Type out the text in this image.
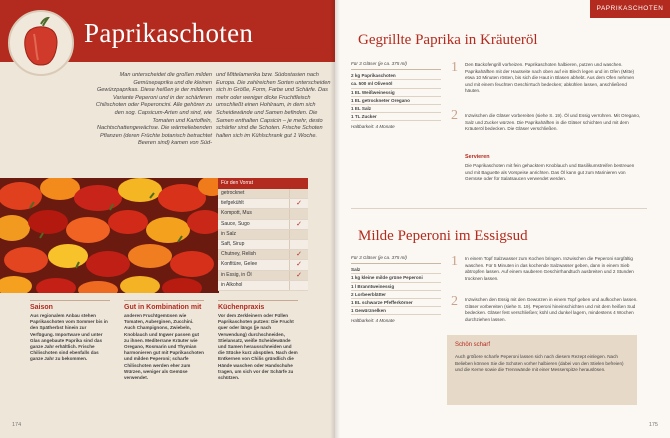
Paprikaschoten
Man unterscheidet die großen milden Gemüsepaprika und die kleinen Gewürzpaprikas. Diese heißen je der milderen Variante Peperoni und in der schärferen Chilischoten oder Peperoncini. Alle gehören zu den sog. Capsicum-Arten und sind, wie Tomaten und Kartoffeln, Nachtschattengewächse. Die wärmeliebenden Pflanzen (deren Früchte botanisch betrachtet Beeren sind) kamen von Süd-
und Mittelamerika bzw. Südostasien nach Europa. Die zahlreichen Sorten unterscheiden sich in Größe, Form, Farbe und Schärfe. Das mehr oder weniger dicke Fruchtfleisch umschließt einen Hohlraum, in dem sich Scheidewände und Samen befinden. Die Samen enthalten Capsicin – je mehr, desto schärfer sind die Schoten. Frische Schoten halten sich im Kühlschrank gut 1 Woche.
Für den Vorrat
getrocknet
tiefgekühlt	✓
Kompott, Mus
Sauce, Sugo	✓
in Salz
Saft, Sirup
Chutney, Relish	✓
Konfitüre, Gelee	✓
in Essig, in Öl	✓
in Alkohol
Saison
Aus regionalem Anbau stehen Paprikaschoten vom Sommer bis in den Spätherbst hinein zur Verfügung. Importware und unter Glas angebaute Paprika sind das ganze Jahr erhältlich. Frische Chilischoten sind ebenfalls das ganze Jahr zu bekommen.
Gut in Kombination mit
anderen Fruchtgemüsen wie Tomaten, Auberginen, Zucchini. Auch Champignons, Zwiebeln, Knoblauch und Ingwer passen gut zu ihnen. Mediterrane Kräuter wie Oregano, Rosmarin und Thymian harmonieren gut mit Paprikaschoten und milden Peperoni; scharfe Chilischoten werden eher zum Würzen, weniger als Gemüse verwendet.
Küchenpraxis
Vor dem Zerkleinern oder Füllen Paprikaschoten putzen: Die Frucht quer oder längs (je nach Verwendung) durchschneiden, Stielansatz, weiße Scheidewände und Samen herausschneiden und die Stücke kurz abspülen. Nach dem Entkernen von Chilis gründlich die Hände waschen oder Handschuhe tragen, um sich vor der Schärfe zu schützen.
174
PAPRIKASCHOTEN
Gegrillte Paprika in Kräuteröl
Für 3 Gläser (je ca. 375 ml)
2 kg Paprikaschoten
ca. 500 ml Olivenöl
1 EL Weißweinessig
1 EL getrockneter Oregano
1 EL Salz
1 TL Zucker
Haltbarkeit: 4 Monate
1 Den Backofengrill vorheizen. Paprikaschoten halbieren, putzen und waschen. Paprikahälften mit der Hautseite nach oben auf ein Blech legen und im Ofen (Mitte) etwa 10 Minuten rösten, bis sich die Haut in Blasen abhebt. Aus dem Ofen nehmen und mit einem feuchten Geschirrtuch bedecken; abkühlen lassen, anschließend häuten.
2 Inzwischen die Gläser vorbereiten (siehe S. 19). Öl und Essig verrühren. Mit Oregano, Salz und Zucker würzen. Die Paprikahälften in die Gläser schichten und mit dem Kräuteröl bedecken. Die Gläser verschließen.
Servieren
Die Paprikaschoten mit fein gehacktem Knoblauch und Basilikumstreifen bestreuen und mit Baguette als Vorspeise anrichten. Das Öl kann gut zum Marinieren von Gemüse oder für Salatsaucen verwendet werden.
Milde Peperoni im Essigsud
Für 3 Gläser (je ca. 375 ml)
Salz
1 kg kleine milde grüne Peperoni
1 l Branntweinessig
2 Lorbeerblätter
1 EL schwarze Pfefferkörner
1 Gewürznelken
Haltbarkeit: 4 Monate
1 In einem Topf Salzwasser zum Kochen bringen. Inzwischen die Peperoni sorgfältig waschen. Für 5 Minuten in das kochende Salzwasser geben, dann in einem Sieb abtropfen lassen. Auf einem sauberen Geschirrhandtuch ausbreiten und 2 Stunden trocknen lassen.
2 Inzwischen den Essig mit den Gewürzen in einem Topf geben und aufkochen lassen. Gläser vorbereiten (siehe S. 19). Peperoni hineinschichten und mit dem heißen Sud bedecken. Gläser fest verschließen; kühl und dunkel lagern, mindestens 4 Wochen durchziehen lassen.
Schön scharf
Auch größere scharfe Peperoni lassen sich nach diesem Rezept einlegen. Nach Belieben können Sie die Schoten vorher halbieren (dabei von den Stielen befreien) und die Kerne sowie die Trennwände mit einer Messerspitze herauslösen.
175
